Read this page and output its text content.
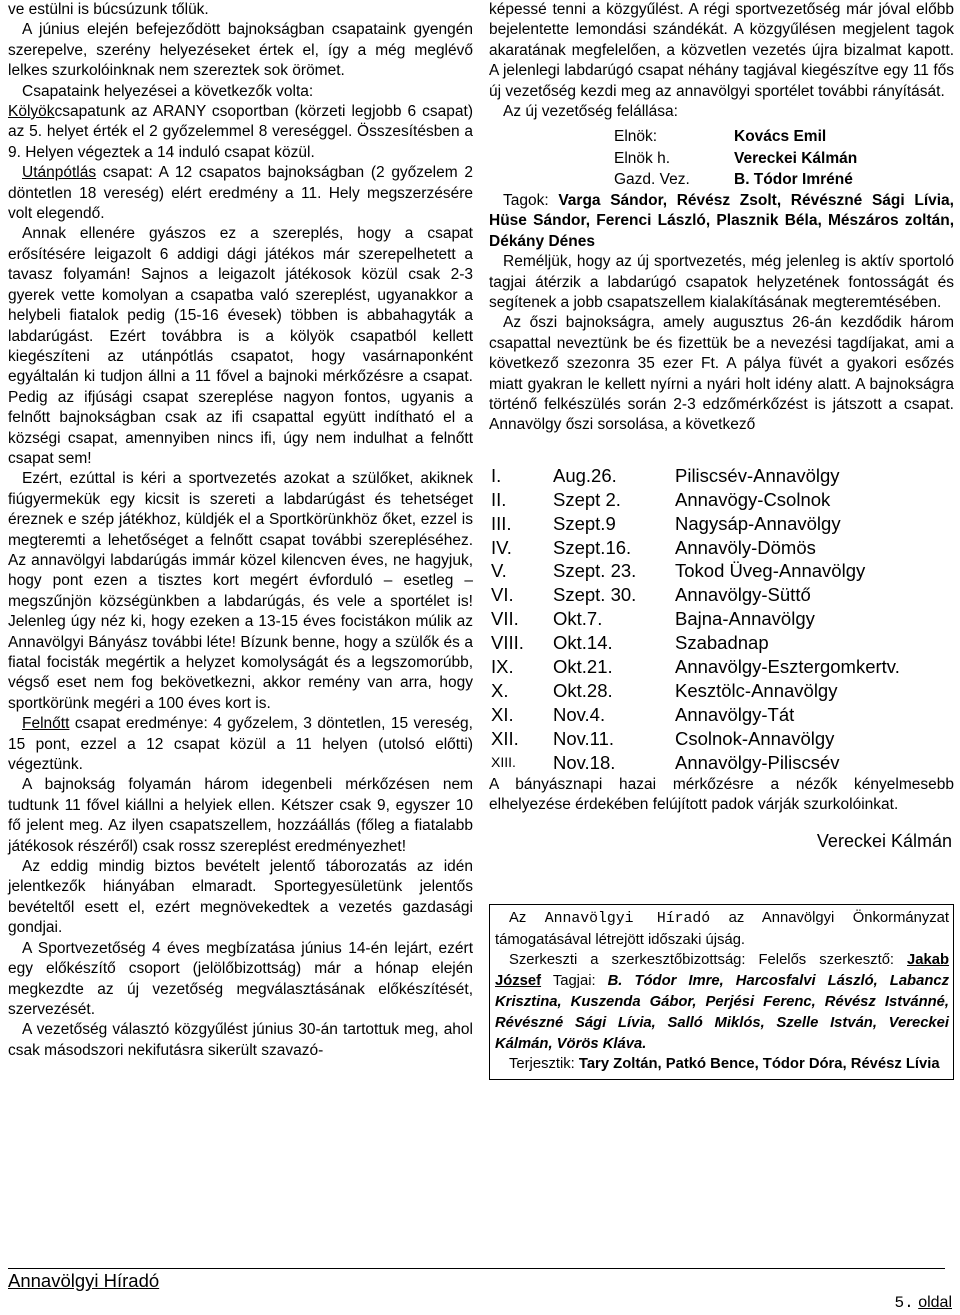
ve estülni is búcsúzunk tőlük.

A június elején befejeződött bajnokságban csapataink gyengén szerepelve, szerény helyezéseket értek el, így a még meglévő lelkes szurkolóinknak nem szereztek sok örömet.

Csapataink helyezései a következők volta:

Kölyökcsapatunk az ARANY csoportban (körzeti legjobb 6 csapat) az 5. helyet érték el 2 győzelemmel 8 vereséggel. Összesítésben a 9. Helyen végeztek a 14 induló csapat közül.

Utánpótlás csapat: A 12 csapatos bajnokságban (2 győzelem 2 döntetlen 18 vereség) elért eredmény a 11. Hely megszerzésére volt elegendő.

Annak ellenére gyászos ez a szereplés, hogy a csapat erősítésére leigazolt 6 addigi dági játékos már szerepelhetett a tavasz folyamán! Sajnos a leigazolt játékosok közül csak 2-3 gyerek vette komolyan a csapatba való szereplést, ugyanakkor a helybeli fiatalok pedig (15-16 évesek) többen is abbahagyták a labdarúgást. Ezért továbbra is a kölyök csapatból kellett kiegészíteni az utánpótlás csapatot, hogy vasárnaponként egyáltalán ki tudjon állni a 11 fővel a bajnoki mérkőzésre a csapat. Pedig az ifjúsági csapat szereplése nagyon fontos, ugyanis a felnőtt bajnokságban csak az ifi csapattal együtt indítható el a községi csapat, amennyiben nincs ifi, úgy nem indulhat a felnőtt csapat sem!

Ezért, ezúttal is kéri a sportvezetés azokat a szülőket, akiknek fiúgyermekük egy kicsit is szereti a labdarúgást és tehetséget éreznek e szép játékhoz, küldjék el a Sportkörünkhöz őket, ezzel is megteremti a lehetőséget a felnőtt csapat további szerepléséhez. Az annavölgyi labdarúgás immár közel kilencven éves, ne hagyjuk, hogy pont ezen a tisztes kort megért évforduló – esetleg – megszűnjön községünkben a labdarúgás, és vele a sportélet is! Jelenleg úgy néz ki, hogy ezeken a 13-15 éves focistákon múlik az Annavölgyi Bányász további léte! Bízunk benne, hogy a szülők és a fiatal focisták megértik a helyzet komolyságát és a legszomorúbb, végső eset nem fog bekövetkezni, akkor remény van arra, hogy sportkörünk megéri a 100 éves kort is.

Felnőtt csapat eredménye: 4 győzelem, 3 döntetlen, 15 vereség, 15 pont, ezzel a 12 csapat közül a 11 helyen (utolsó előtti) végeztünk.

A bajnokság folyamán három idegenbeli mérkőzésen nem tudtunk 11 fővel kiállni a helyiek ellen. Kétszer csak 9, egyszer 10 fő jelent meg. Az ilyen csapatszellem, hozzáállás (főleg a fiatalabb játékosok részéről) csak rossz szereplést eredményezhet!

Az eddig mindig biztos bevételt jelentő táborozatás az idén jelentkezők hiányában elmaradt. Sportegyesületünk jelentős bevételtől esett el, ezért megnövekedtek a vezetés gazdasági gondjai.

A Sportvezetőség 4 éves megbízatása június 14-én lejárt, ezért egy előkészítő csoport (jelölőbizottság) már a hónap elején megkezdte az új vezetőség megválasztásának előkészítését, szervezését.

A vezetőség választó közgyűlést június 30-án tartottuk meg, ahol csak másodszori nekifutásra sikerült szavazó-

képessé tenni a közgyűlést. A régi sportvezetőség már jóval előbb bejelentette lemondási szándékát. A közgyűlésen megjelent tagok akaratának megfelelően, a közvetlen vezetés újra bizalmat kapott. A jelenlegi labdarúgó csapat néhány tagjával kiegészítve egy 11 fős új vezetőség kezdi meg az annavölgyi sportélet további rányítását.

Az új vezetőség felállása:

Elnök:	Kovács Emil
Elnök h.	Vereckei Kálmán
Gazd. Vez.	B. Tódor Imréné

Tagok: Varga Sándor, Révész Zsolt, Révészné Sági Lívia, Hüse Sándor, Ferenci László, Plasznik Béla, Mészáros zoltán, Dékány Dénes

Reméljük, hogy az új sportvezetés, még jelenleg is aktív sportoló tagjai átérzik a labdarúgó csapatok helyzetének fontosságát és segítenek a jobb csapatszellem kialakításának megteremtésében.

Az őszi bajnokságra, amely augusztus 26-án kezdődik három csapattal neveztünk be és fizettük be a nevezési tagdíjakat, ami a következő szezonra 35 ezer Ft. A pálya füvét a gyakori esőzés miatt gyakran le kellett nyírni a nyári holt idény alatt. A bajnokságra történő felkészülés során 2-3 edzőmérkőzést is játszott a csapat. Annavölgy őszi sorsolása, a következő

I.	Aug.26.	Piliscsév-Annavölgy
II.	Szept 2.	Annavögy-Csolnok
III.	Szept.9	Nagysáp-Annavölgy
IV.	Szept.16.	Annavöly-Dömös
V.	Szept. 23.	Tokod Üveg-Annavölgy
VI.	Szept. 30.	Annavölgy-Süttő
VII.	Okt.7.	Bajna-Annavölgy
VIII.	Okt.14.	Szabadnap
IX.	Okt.21.	Annavölgy-Esztergomkertv.
X.	Okt.28.	Kesztölc-Annavölgy
XI.	Nov.4.	Annavölgy-Tát
XII.	Nov.11.	Csolnok-Annavölgy
XIII.	Nov.18.	Annavölgy-Piliscsév

A bányásznapi hazai mérkőzésre a nézők kényelmesebb elhelyezése érdekében felújított padok várják szurkolóinkat.

Vereckei Kálmán

Az Annavölgyi Híradó az Annavölgyi Önkormányzat támogatásával létrejött időszaki újság.

Szerkeszti a szerkesztőbizottság: Felelős szerkesztő: Jakab József Tagjai: B. Tódor Imre, Harcosfalvi László, Labancz Krisztina, Kuszenda Gábor, Perjési Ferenc, Révész Istvánné, Révészné Sági Lívia, Salló Miklós, Szelle István, Vereckei Kálmán, Vörös Kláva.

Terjesztik: Tary Zoltán, Patkó Bence, Tódor Dóra, Révész Lívia

Annavölgyi Híradó
5. oldal
